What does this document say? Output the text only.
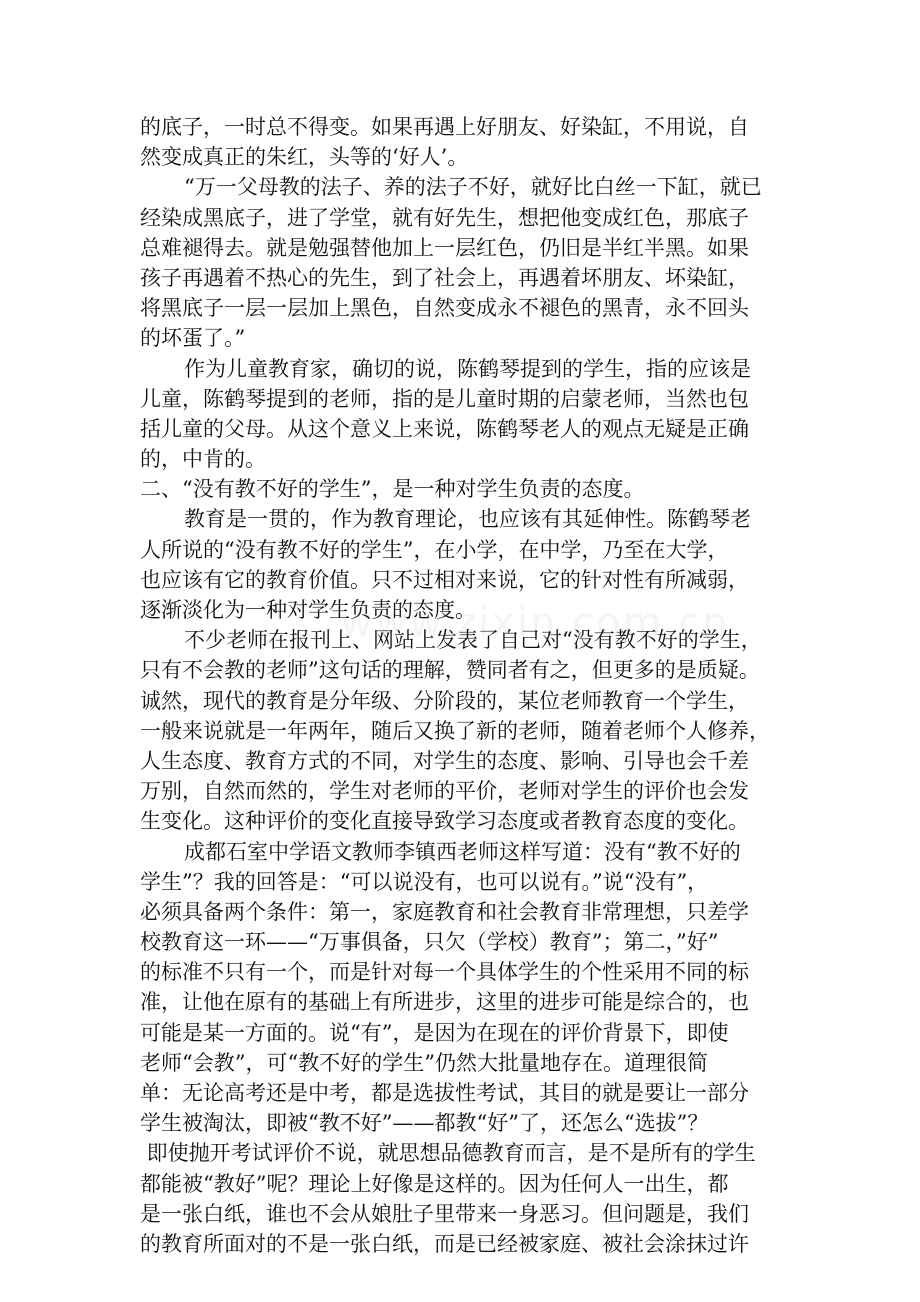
的底子，一时总不得变。如果再遇上好朋友、好染缸，不用说，自
然变成真正的朱红，头等的‘好人’。
“万一父母教的法子、养的法子不好，就好比白丝一下缸，就已
经染成黑底子，进了学堂，就有好先生，想把他变成红色，那底子
总难褪得去。就是勉强替他加上一层红色，仍旧是半红半黑。如果
孩子再遇着不热心的先生，到了社会上，再遇着坏朋友、坏染缸，
将黑底子一层一层加上黑色，自然变成永不褪色的黑青，永不回头
的坏蛋了。”
作为儿童教育家，确切的说，陈鹤琴提到的学生，指的应该是
儿童，陈鹤琴提到的老师，指的是儿童时期的启蒙老师，当然也包
括儿童的父母。从这个意义上来说，陈鹤琴老人的观点无疑是正确
的，中肯的。
二、“没有教不好的学生”，是一种对学生负责的态度。
教育是一贯的，作为教育理论，也应该有其延伸性。陈鹤琴老
人所说的“没有教不好的学生”，在小学，在中学，乃至在大学，
也应该有它的教育价值。只不过相对来说，它的针对性有所减弱，
逐渐淡化为一种对学生负责的态度。
不少老师在报刊上、网站上发表了自己对“没有教不好的学生，
只有不会教的老师”这句话的理解，赞同者有之，但更多的是质疑。
诚然，现代的教育是分年级、分阶段的，某位老师教育一个学生，
一般来说就是一年两年，随后又换了新的老师，随着老师个人修养，
人生态度、教育方式的不同，对学生的态度、影响、引导也会千差
万别，自然而然的，学生对老师的平价，老师对学生的评价也会发
生变化。这种评价的变化直接导致学习态度或者教育态度的变化。
成都石室中学语文教师李镇西老师这样写道：没有“教不好的
学生”？我的回答是：“可以说没有，也可以说有。”说“没有”，
必须具备两个条件：第一，家庭教育和社会教育非常理想，只差学
校教育这一环——“万事俱备，只欠（学校）教育”；第二，”好”
的标准不只有一个，而是针对每一个具体学生的个性采用不同的标
准，让他在原有的基础上有所进步，这里的进步可能是综合的，也
可能是某一方面的。说“有”，是因为在现在的评价背景下，即使
老师“会教”，可“教不好的学生”仍然大批量地存在。道理很简
单：无论高考还是中考，都是选拔性考试，其目的就是要让一部分
学生被淘汰，即被“教不好”——都教“好”了，还怎么“选拔”？
即使抛开考试评价不说，就思想品德教育而言，是不是所有的学生
都能被“教好”呢？理论上好像是这样的。因为任何人一出生，都
是一张白纸，谁也不会从娘肚子里带来一身恶习。但问题是，我们
的教育所面对的不是一张白纸，而是已经被家庭、被社会涂抹过许
